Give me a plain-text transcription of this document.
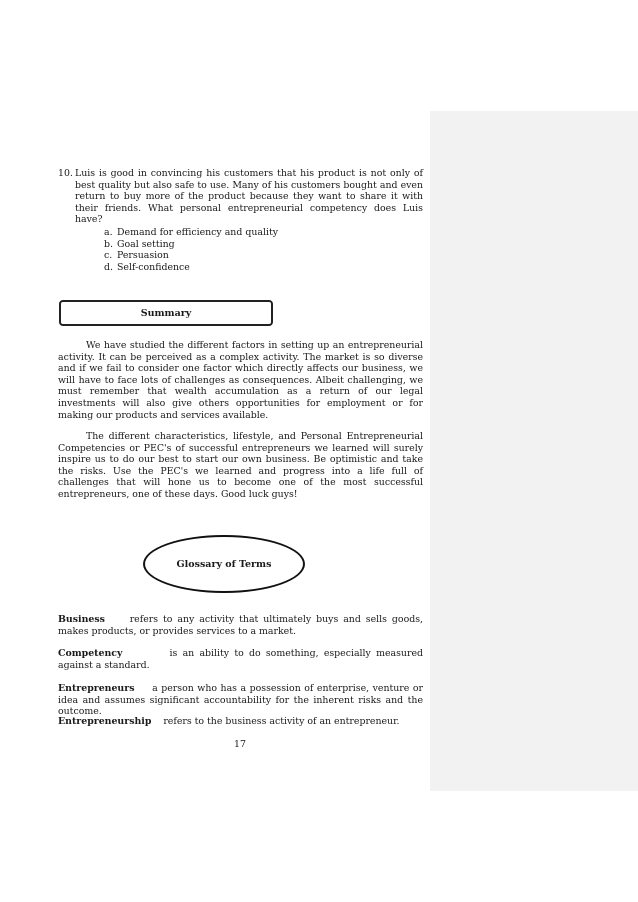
10. Luis is good in convincing his customers that his product is not only of best quality but also safe to use. Many of his customers bought and even return to buy more of the product because they want to share it with their friends. What personal entrepreneurial competency does Luis have?
a. Demand for efficiency and quality
b. Goal setting
c. Persuasion
d. Self-confidence
Summary

We have studied the different factors in setting up an entrepreneurial activity. It can be perceived as a complex activity. The market is so diverse and if we fail to consider one factor which directly affects our business, we will have to face lots of challenges as consequences. Albeit challenging, we must remember that wealth accumulation as a return of our legal investments will also give others opportunities for employment or for making our products and services available.

The different characteristics, lifestyle, and Personal Entrepreneurial Competencies or PEC's of successful entrepreneurs we learned will surely inspire us to do our best to start our own business. Be optimistic and take the risks. Use the PEC's we learned and progress into a life full of challenges that will hone us to become one of the most successful entrepreneurs, one of these days. Good luck guys!

Glossary of Terms
Business	refers to any activity that ultimately buys and sells goods, makes products, or provides services to a market.
Competency	is an ability to do something, especially measured against a standard.
Entrepreneurs a person who has a possession of enterprise, venture or idea and assumes significant accountability for the inherent risks and the outcome.
Entrepreneurship refers to the business activity of an entrepreneur.
17
